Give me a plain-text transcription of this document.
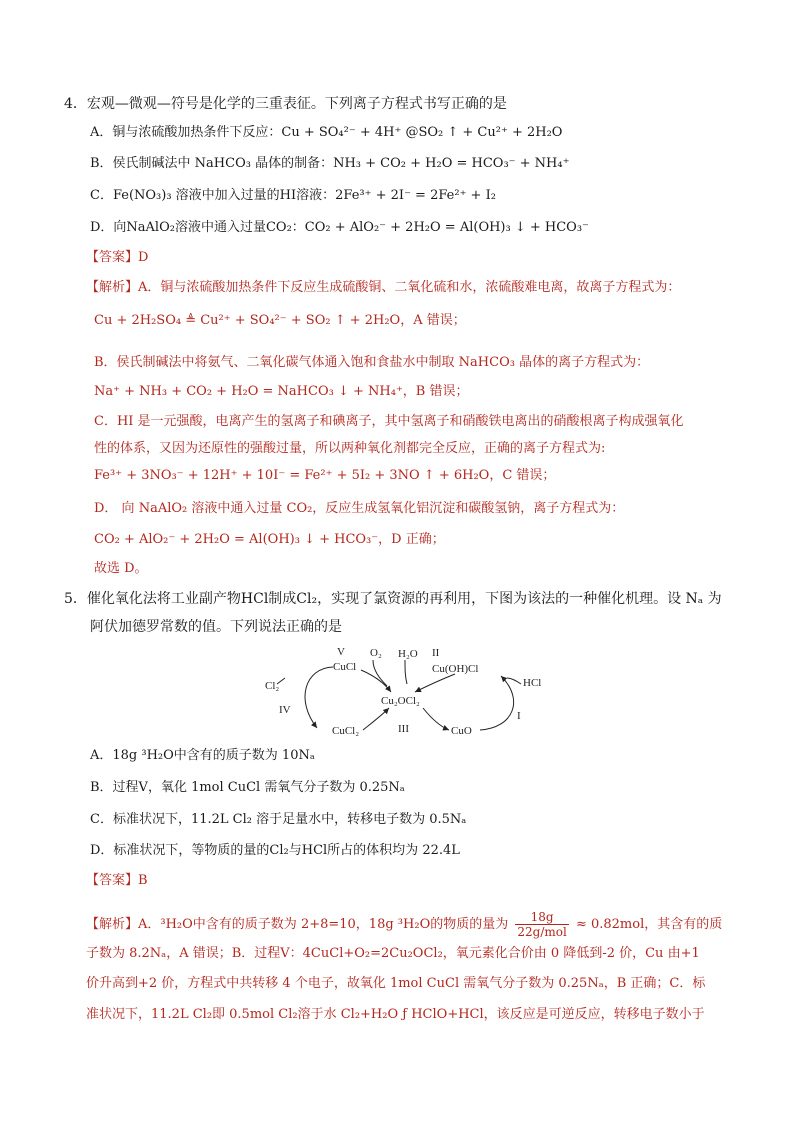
4．宏观—微观—符号是化学的三重表征。下列离子方程式书写正确的是
A．铜与浓硫酸加热条件下反应：Cu + SO₄²⁻ + 4H⁺ @SO₂ ↑ + Cu²⁺ + 2H₂O
B．侯氏制碱法中 NaHCO₃ 晶体的制备：NH₃ + CO₂ + H₂O = HCO₃⁻ + NH₄⁺
C．Fe(NO₃)₃ 溶液中加入过量的HI溶液：2Fe³⁺ + 2I⁻ = 2Fe²⁺ + I₂
D．向NaAlO₂溶液中通入过量CO₂：CO₂ + AlO₂⁻ + 2H₂O = Al(OH)₃ ↓ + HCO₃⁻
【答案】D
【解析】A．铜与浓硫酸加热条件下反应生成硫酸铜、二氧化硫和水，浓硫酸难电离，故离子方程式为：
Cu + 2H₂SO₄ ≜ Cu²⁺ + SO₄²⁻ + SO₂ ↑ + 2H₂O，A 错误；
B．侯氏制碱法中将氨气、二氧化碳气体通入饱和食盐水中制取 NaHCO₃ 晶体的离子方程式为：
Na⁺ + NH₃ + CO₂ + H₂O = NaHCO₃ ↓ + NH₄⁺，B 错误；
C．HI 是一元强酸，电离产生的氢离子和碘离子，其中氢离子和硝酸铁电离出的硝酸根离子构成强氧化
性的体系，又因为还原性的强酸过量，所以两种氧化剂都完全反应，正确的离子方程式为:
Fe³⁺ + 3NO₃⁻ + 12H⁺ + 10I⁻ = Fe²⁺ + 5I₂ + 3NO ↑ + 6H₂O，C 错误；
D． 向 NaAlO₂ 溶液中通入过量 CO₂，反应生成氢氧化铝沉淀和碳酸氢钠，离子方程式为：
CO₂ + AlO₂⁻ + 2H₂O = Al(OH)₃ ↓ + HCO₃⁻，D 正确；
故选 D。
5．催化氧化法将工业副产物HCl制成Cl₂，实现了氯资源的再利用，下图为该法的一种催化机理。设 Nₐ 为
阿伏加德罗常数的值。下列说法正确的是
V
CuCl
O₂ H₂O II
Cu(OH)Cl
HCl
Cl₂
Cu₂OCl₂
IV	I
CuCl₂	III	CuO
A．18g ³H₂O中含有的质子数为 10Nₐ
B．过程Ⅴ，氧化 1mol CuCl 需氧气分子数为 0.25Nₐ
C．标准状况下，11.2L Cl₂ 溶于足量水中，转移电子数为 0.5Nₐ
D．标准状况下，等物质的量的Cl₂与HCl所占的体积均为 22.4L
【答案】B
【解析】A．³H₂O中含有的质子数为 2+8=10，18g ³H₂O的物质的量为	18g
22g/mol ≈ 0.82mol，其含有的质
子数为 8.2Nₐ，A 错误；B．过程Ⅴ：4CuCl+O₂=2Cu₂OCl₂，氧元素化合价由 0 降低到-2 价，Cu 由+1
价升高到+2 价，方程式中共转移 4 个电子，故氧化 1mol CuCl 需氧气分子数为 0.25Nₐ，B 正确；C．标
准状况下，11.2L Cl₂即 0.5mol Cl₂溶于水 Cl₂+H₂O ƒ HClO+HCl，该反应是可逆反应，转移电子数小于
